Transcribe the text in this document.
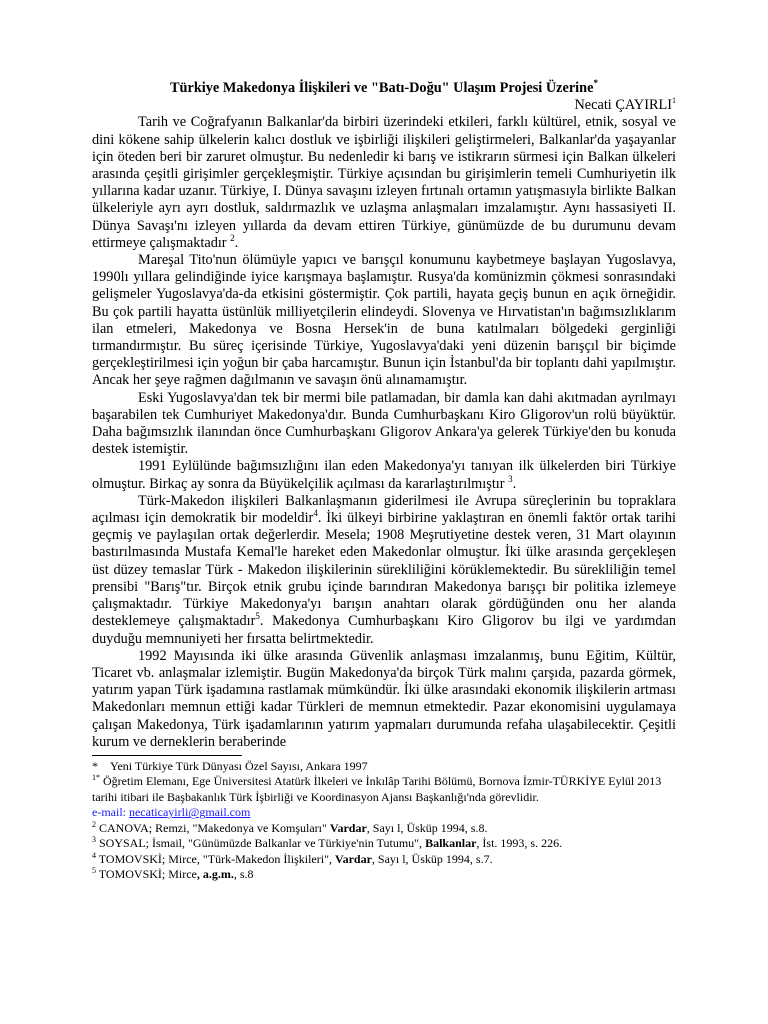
Türkiye Makedonya İlişkileri ve "Batı-Doğu" Ulaşım Projesi Üzerine*

Necati ÇAYIRLI$^1$

Tarih ve Coğrafyanın Balkanlar'da birbiri üzerindeki etkileri, farklı kültürel, etnik, sosyal ve dini kökene sahip ülkelerin kalıcı dostluk ve işbirliği ilişkileri geliştirmeleri, Balkanlar'da yaşayanlar için öteden beri bir zaruret olmuştur. Bu nedenledir ki barış ve istikrarın sürmesi için Balkan ülkeleri arasında çeşitli girişimler gerçekleşmiştir. Türkiye açısından bu girişimlerin temeli Cumhuriyetin ilk yıllarına kadar uzanır. Türkiye, I. Dünya savaşını izleyen fırtınalı ortamın yatışmasıyla birlikte Balkan ülkeleriyle ayrı ayrı dostluk, saldırmazlık ve uzlaşma anlaşmaları imzalamıştır. Aynı hassasiyeti II. Dünya Savaşı'nı izleyen yıllarda da devam ettiren Türkiye, günümüzde de bu durumunu devam ettirmeye çalışmaktadır $^2$.

Mareşal Tito'nun ölümüyle yapıcı ve barışçıl konumunu kaybetmeye başlayan Yugoslavya, 1990lı yıllara gelindiğinde iyice karışmaya başlamıştır. Rusya'da komünizmin çökmesi sonrasındaki gelişmeler Yugoslavya'da-da etkisini göstermiştir. Çok partili, hayata geçiş bunun en açık örneğidir. Bu çok partili hayatta üstünlük milliyetçilerin elindeydi. Slovenya ve Hırvatistan'ın bağımsızlıklarım ilan etmeleri, Makedonya ve Bosna Hersek'in de buna katılmaları bölgedeki gerginliği tırmandırmıştır. Bu süreç içerisinde Türkiye, Yugoslavya'daki yeni düzenin barışçıl bir biçimde gerçekleştirilmesi için yoğun bir çaba harcamıştır. Bunun için İstanbul'da bir toplantı dahi yapılmıştır. Ancak her şeye rağmen dağılmanın ve savaşın önü alınamamıştır.

Eski Yugoslavya'dan tek bir mermi bile patlamadan, bir damla kan dahi akıtmadan ayrılmayı başarabilen tek Cumhuriyet Makedonya'dır. Bunda Cumhurbaşkanı Kiro Gligorov'un rolü büyüktür. Daha bağımsızlık ilanından önce Cumhurbaşkanı Gligorov Ankara'ya gelerek Türkiye'den bu konuda destek istemiştir.

1991 Eylülünde bağımsızlığını ilan eden Makedonya'yı tanıyan ilk ülkelerden biri Türkiye olmuştur. Birkaç ay sonra da Büyükelçilik açılması da kararlaştırılmıştır $^3$.

Türk-Makedon ilişkileri Balkanlaşmanın giderilmesi ile Avrupa süreçlerinin bu topraklara açılması için demokratik bir modeldir$^4$. İki ülkeyi birbirine yaklaştıran en önemli faktör ortak tarihi geçmiş ve paylaşılan ortak değerlerdir. Mesela; 1908 Meşrutiyetine destek veren, 31 Mart olayının bastırılmasında Mustafa Kemal'le hareket eden Makedonlar olmuştur. İki ülke arasında gerçekleşen üst düzey temaslar Türk - Makedon ilişkilerinin sürekliliğini körüklemektedir. Bu sürekliliğin temel prensibi "Barış"tır. Birçok etnik grubu içinde barındıran Makedonya barışçı bir politika izlemeye çalışmaktadır. Türkiye Makedonya'yı barışın anahtarı olarak gördüğünden onu her alanda desteklemeye çalışmaktadır$^5$. Makedonya Cumhurbaşkanı Kiro Gligorov bu ilgi ve yardımdan duyduğu memnuniyeti her fırsatta belirtmektedir.

1992 Mayısında iki ülke arasında Güvenlik anlaşması imzalanmış, bunu Eğitim, Kültür, Ticaret vb. anlaşmalar izlemiştir. Bugün Makedonya'da birçok Türk malını çarşıda, pazarda görmek, yatırım yapan Türk işadamına rastlamak mümkündür. İki ülke arasındaki ekonomik ilişkilerin artması Makedonları memnun ettiği kadar Türkleri de memnun etmektedir. Pazar ekonomisini uygulamaya çalışan Makedonya, Türk işadamlarının yatırım yapmaları durumunda refaha ulaşabilecektir. Çeşitli kurum ve derneklerin beraberinde

* Yeni Türkiye Türk Dünyası Özel Sayısı, Ankara 1997

$^{1*}$ Öğretim Elemanı, Ege Üniversitesi Atatürk İlkeleri ve İnkılâp Tarihi Bölümü, Bornova İzmir-TÜRKİYE Eylül 2013 tarihi itibari ile Başbakanlık Türk İşbirliği ve Koordinasyon Ajansı Başkanlığı'nda görevlidir.
e-mail: necaticayirli@gmail.com

$^2$ CANOVA; Remzi, "Makedonya ve Komşuları" Vardar, Sayı l, Üsküp 1994, s.8.

$^3$ SOYSAL; İsmail, "Günümüzde Balkanlar ve Türkiye'nin Tutumu", Balkanlar, İst. 1993, s. 226.

$^4$ TOMOVSKİ; Mirce, "Türk-Makedon İlişkileri", Vardar, Sayı l, Üsküp 1994, s.7.

$^5$ TOMOVSKİ; Mirce, a.g.m., s.8
